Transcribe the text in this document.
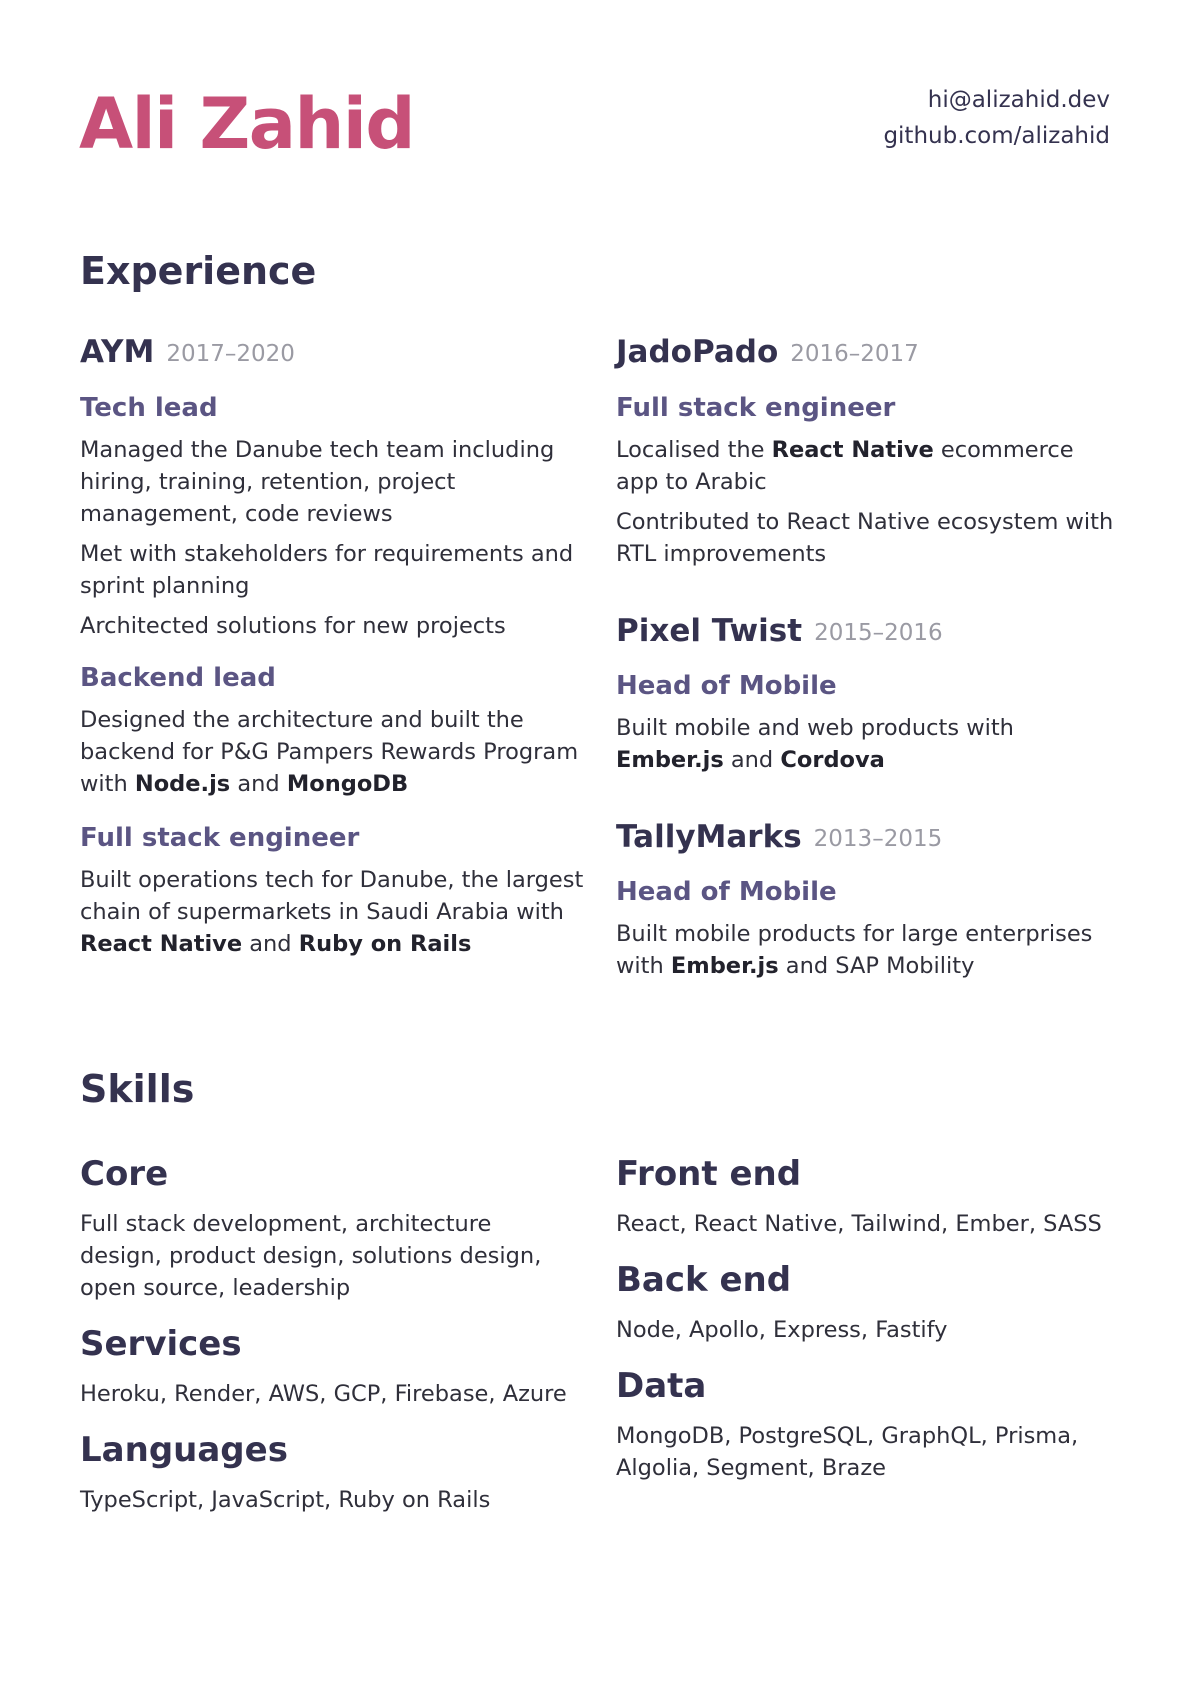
Ali Zahid	hi@alizahid.dev
github.com/alizahid
Experience
AYM 2017–2020
Tech lead

Managed the Danube tech team including hiring, training, retention, project management, code reviews

Met with stakeholders for requirements and sprint planning

Architected solutions for new projects

Backend lead

Designed the architecture and built the backend for P&G Pampers Rewards Program with Node.js and MongoDB

Full stack engineer

Built operations tech for Danube, the largest chain of supermarkets in Saudi Arabia with React Native and Ruby on Rails

JadoPado 2016–2017
Full stack engineer

Localised the React Native ecommerce app to Arabic

Contributed to React Native ecosystem with RTL improvements

Pixel Twist 2015–2016
Head of Mobile

Built mobile and web products with Ember.js and Cordova

TallyMarks 2013–2015
Head of Mobile

Built mobile products for large enterprises with Ember.js and SAP Mobility

Skills
Core

Full stack development, architecture design, product design, solutions design, open source, leadership

Services

Heroku, Render, AWS, GCP, Firebase, Azure

Languages

TypeScript, JavaScript, Ruby on Rails

Front end

React, React Native, Tailwind, Ember, SASS

Back end

Node, Apollo, Express, Fastify

Data

MongoDB, PostgreSQL, GraphQL, Prisma, Algolia, Segment, Braze
